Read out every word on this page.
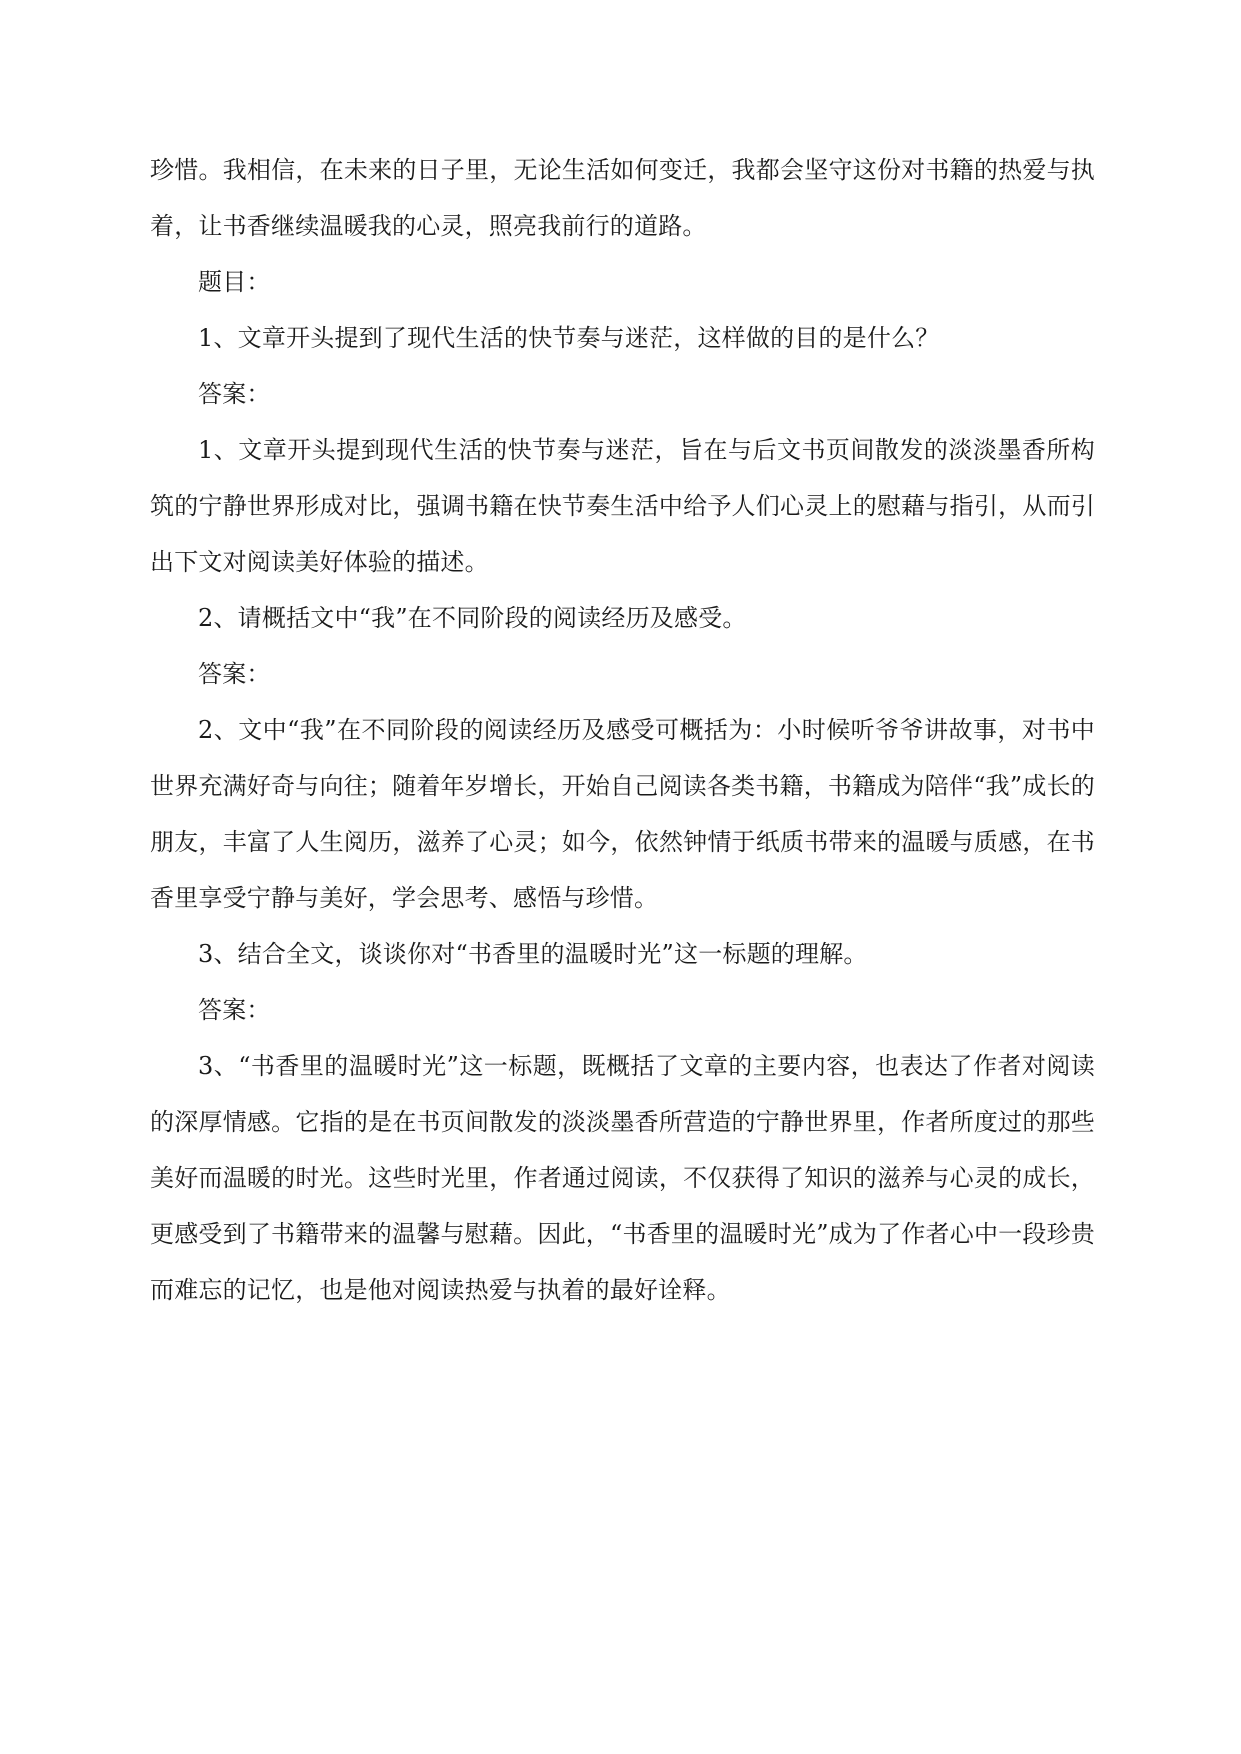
珍惜。我相信，在未来的日子里，无论生活如何变迁，我都会坚守这份对书籍的热爱与执着，让书香继续温暖我的心灵，照亮我前行的道路。

题目：

1、文章开头提到了现代生活的快节奏与迷茫，这样做的目的是什么？

答案：

1、文章开头提到现代生活的快节奏与迷茫，旨在与后文书页间散发的淡淡墨香所构筑的宁静世界形成对比，强调书籍在快节奏生活中给予人们心灵上的慰藉与指引，从而引出下文对阅读美好体验的描述。

2、请概括文中“我”在不同阶段的阅读经历及感受。

答案：

2、文中“我”在不同阶段的阅读经历及感受可概括为：小时候听爷爷讲故事，对书中世界充满好奇与向往；随着年岁增长，开始自己阅读各类书籍，书籍成为陪伴“我”成长的朋友，丰富了人生阅历，滋养了心灵；如今，依然钟情于纸质书带来的温暖与质感，在书香里享受宁静与美好，学会思考、感悟与珍惜。

3、结合全文，谈谈你对“书香里的温暖时光”这一标题的理解。

答案：

3、“书香里的温暖时光”这一标题，既概括了文章的主要内容，也表达了作者对阅读的深厚情感。它指的是在书页间散发的淡淡墨香所营造的宁静世界里，作者所度过的那些美好而温暖的时光。这些时光里，作者通过阅读，不仅获得了知识的滋养与心灵的成长，更感受到了书籍带来的温馨与慰藉。因此，“书香里的温暖时光”成为了作者心中一段珍贵而难忘的记忆，也是他对阅读热爱与执着的最好诠释。
